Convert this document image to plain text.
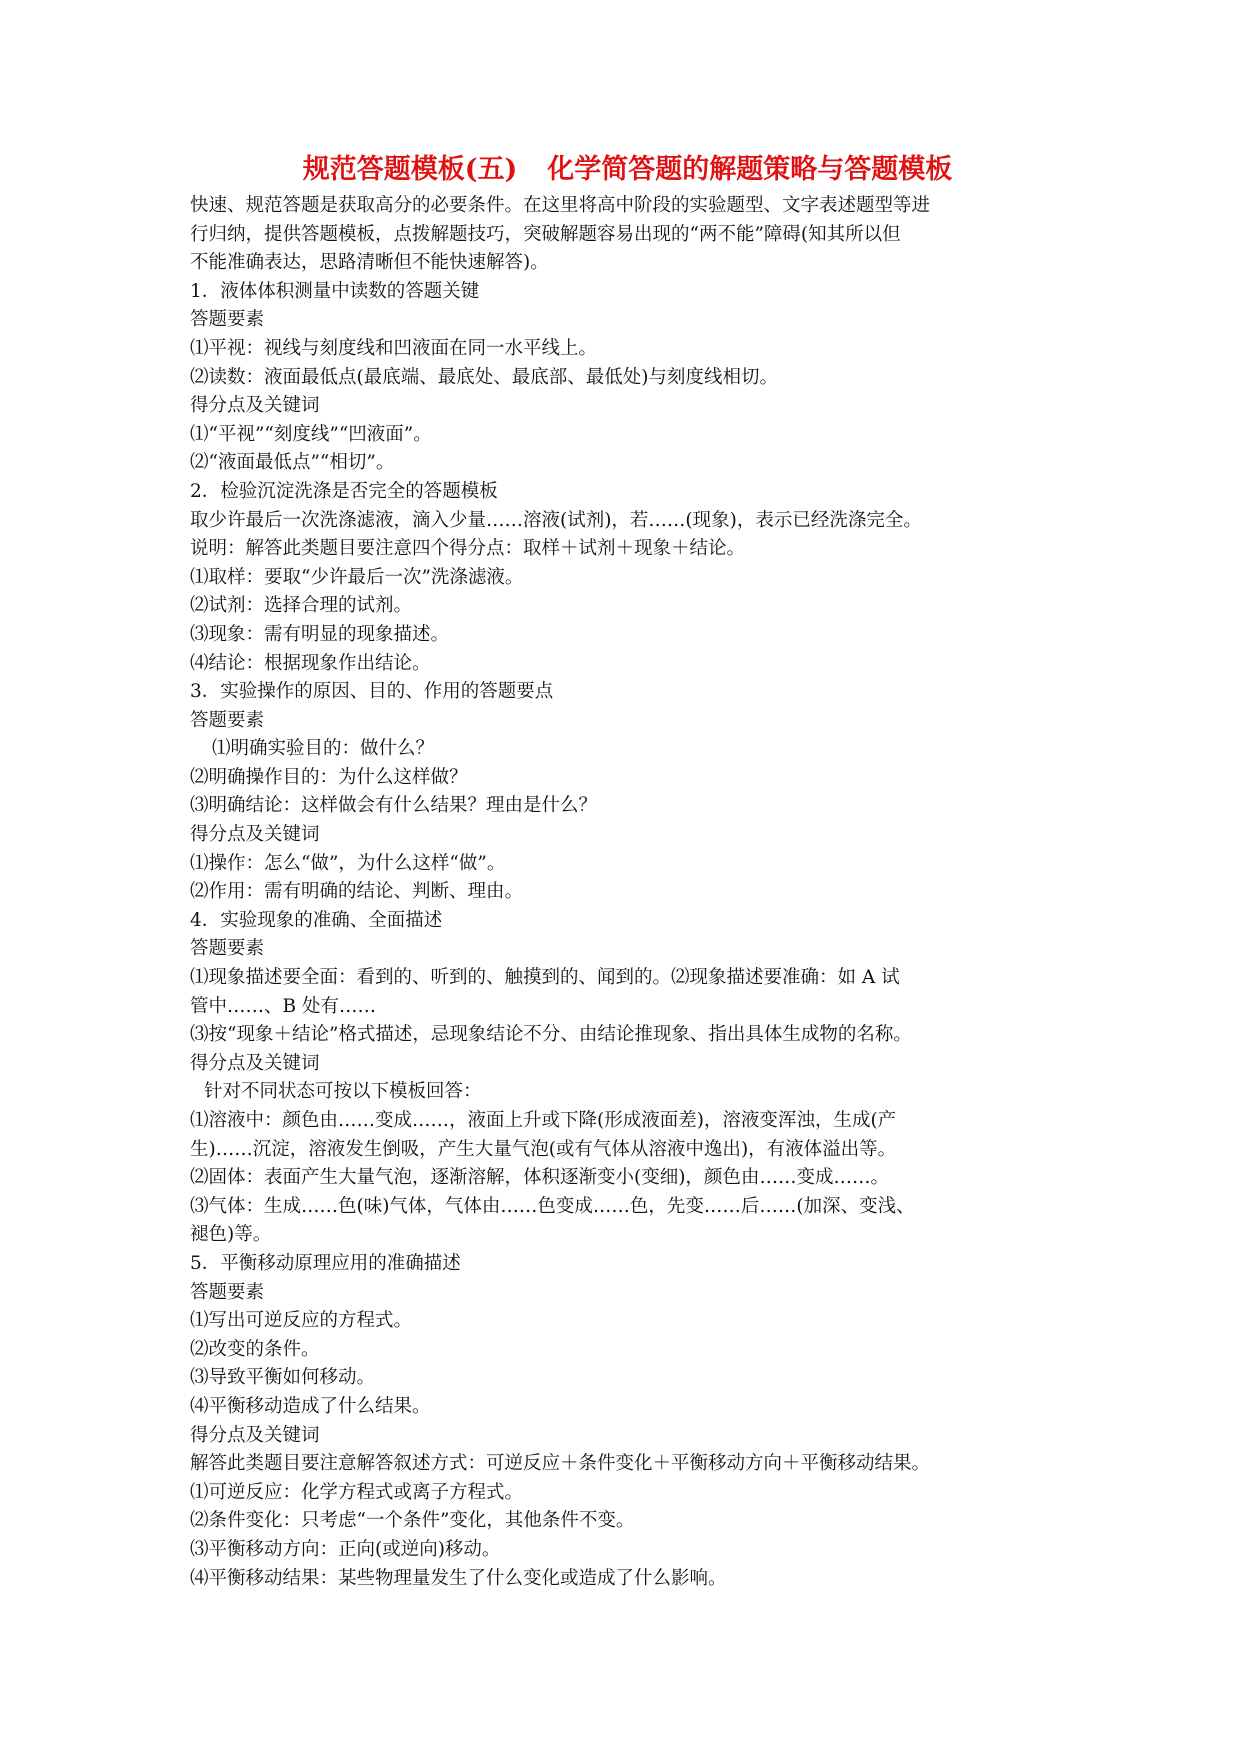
规范答题模板(五) 化学简答题的解题策略与答题模板

快速、规范答题是获取高分的必要条件。在这里将高中阶段的实验题型、文字表述题型等进

行归纳，提供答题模板，点拨解题技巧，突破解题容易出现的“两不能”障碍(知其所以但

不能准确表达，思路清晰但不能快速解答)。

1．液体体积测量中读数的答题关键

答题要素

⑴平视：视线与刻度线和凹液面在同一水平线上。

⑵读数：液面最低点(最底端、最底处、最底部、最低处)与刻度线相切。

得分点及关键词

⑴“平视”“刻度线”“凹液面”。

⑵“液面最低点”“相切”。

2．检验沉淀洗涤是否完全的答题模板

取少许最后一次洗涤滤液，滴入少量……溶液(试剂)，若……(现象)，表示已经洗涤完全。

说明：解答此类题目要注意四个得分点：取样＋试剂＋现象＋结论。

⑴取样：要取“少许最后一次”洗涤滤液。

⑵试剂：选择合理的试剂。

⑶现象：需有明显的现象描述。

⑷结论：根据现象作出结论。

3．实验操作的原因、目的、作用的答题要点

答题要素

⑴明确实验目的：做什么？

⑵明确操作目的：为什么这样做？

⑶明确结论：这样做会有什么结果？理由是什么？

得分点及关键词

⑴操作：怎么“做”，为什么这样“做”。

⑵作用：需有明确的结论、判断、理由。

4．实验现象的准确、全面描述

答题要素

⑴现象描述要全面：看到的、听到的、触摸到的、闻到的。⑵现象描述要准确：如 A 试

管中……、B 处有……

⑶按“现象＋结论”格式描述，忌现象结论不分、由结论推现象、指出具体生成物的名称。

得分点及关键词

针对不同状态可按以下模板回答：

⑴溶液中：颜色由……变成……，液面上升或下降(形成液面差)，溶液变浑浊，生成(产

生)……沉淀，溶液发生倒吸，产生大量气泡(或有气体从溶液中逸出)，有液体溢出等。

⑵固体：表面产生大量气泡，逐渐溶解，体积逐渐变小(变细)，颜色由……变成……。

⑶气体：生成……色(味)气体，气体由……色变成……色，先变……后……(加深、变浅、

褪色)等。

5．平衡移动原理应用的准确描述

答题要素

⑴写出可逆反应的方程式。

⑵改变的条件。

⑶导致平衡如何移动。

⑷平衡移动造成了什么结果。

得分点及关键词

解答此类题目要注意解答叙述方式：可逆反应＋条件变化＋平衡移动方向＋平衡移动结果。

⑴可逆反应：化学方程式或离子方程式。

⑵条件变化：只考虑“一个条件”变化，其他条件不变。

⑶平衡移动方向：正向(或逆向)移动。

⑷平衡移动结果：某些物理量发生了什么变化或造成了什么影响。
